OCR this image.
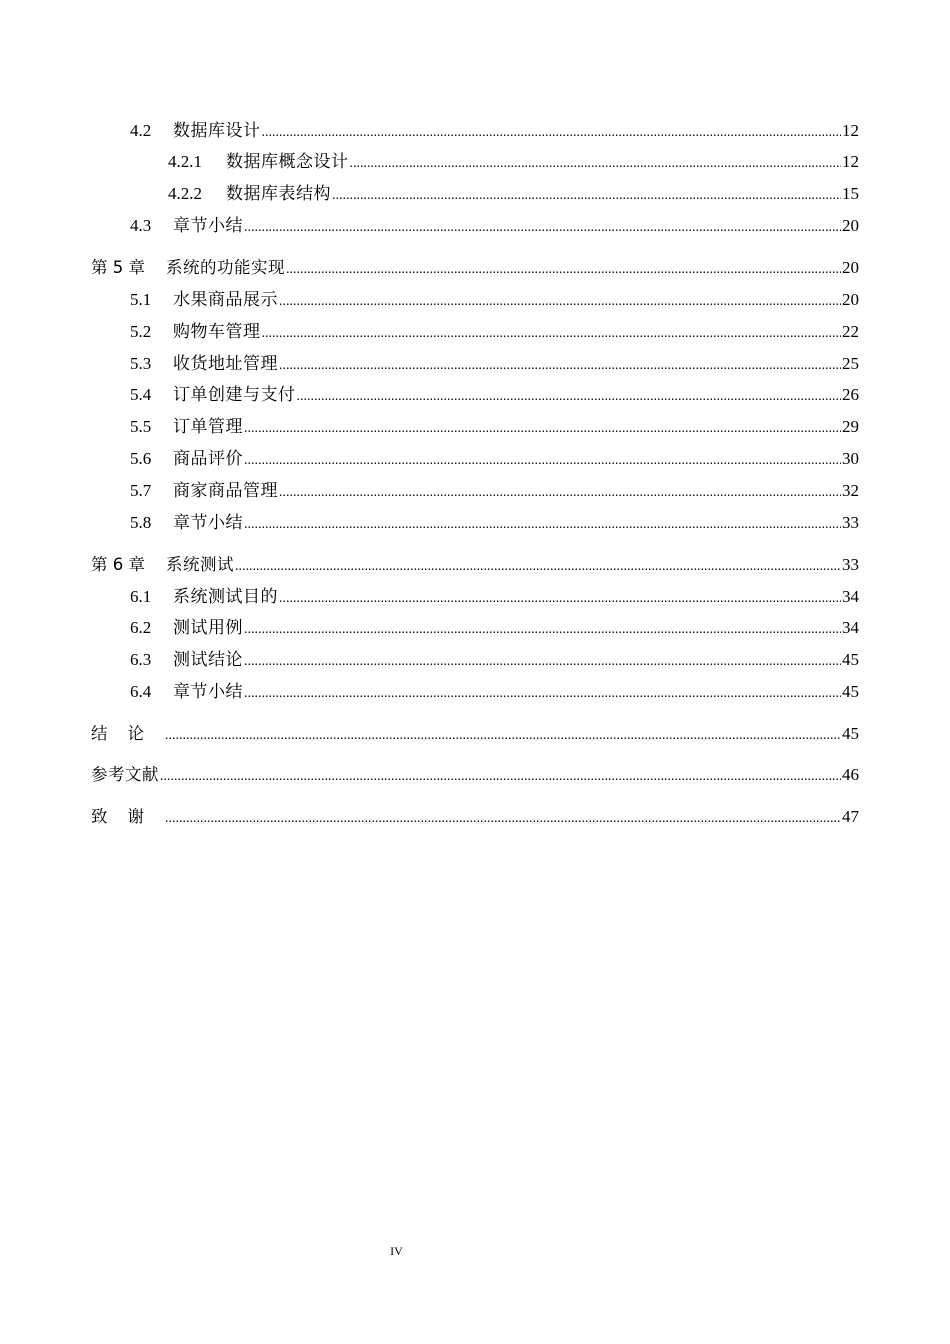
4.2	数据库设计 .....	12
4.2.1	数据库概念设计 .....	12
4.2.2	数据库表结构 .....	15
4.3	章节小结 .....	20
第 5 章	系统的功能实现 .....	20
5.1	水果商品展示 .....	20
5.2	购物车管理 .....	22
5.3	收货地址管理 .....	25
5.4	订单创建与支付 .....	26
5.5	订单管理 .....	29
5.6	商品评价 .....	30
5.7	商家商品管理 .....	32
5.8	章节小结 .....	33
第 6 章	系统测试 .....	33
6.1	系统测试目的 .....	34
6.2	测试用例 .....	34
6.3	测试结论 .....	45
6.4	章节小结 .....	45
结论 .....	45
参考文献 .....	46
致谢 .....	47
IV
